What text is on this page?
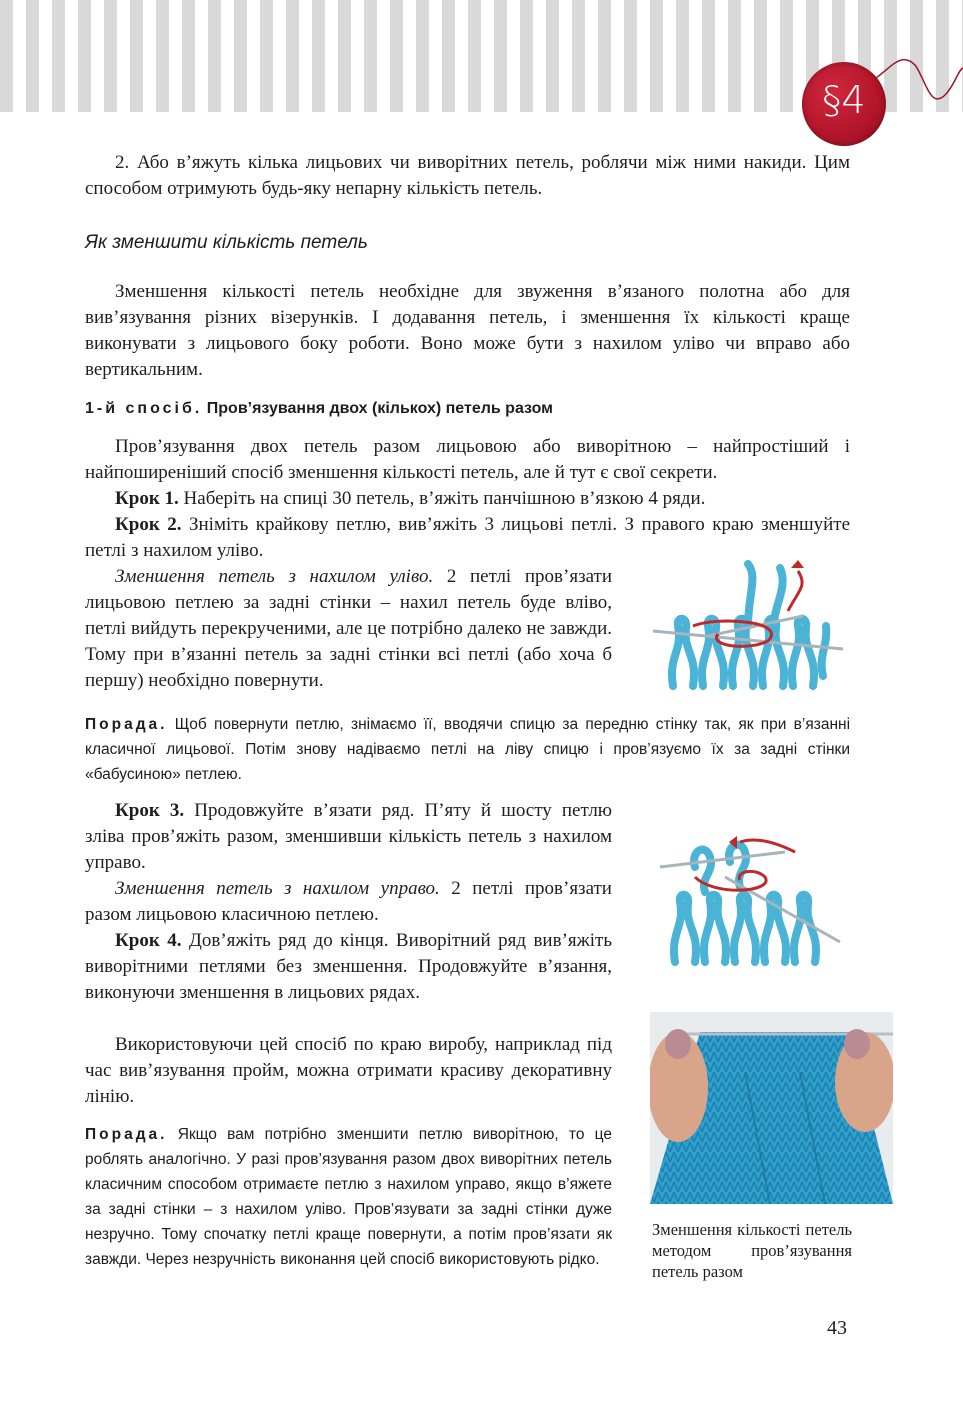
§4
2. Або в’яжуть кілька лицьових чи виворітних петель, роблячи між ними накиди. Цим способом отримують будь-яку непарну кількість петель.
Як зменшити кількість петель
Зменшення кількості петель необхідне для звуження в’язаного полотна або для вив’язування різних візерунків. І додавання петель, і зменшення їх кількості краще виконувати з лицьового боку роботи. Воно може бути з нахилом уліво чи вправо або вертикальним.
1-й спосіб. Пров’язування двох (кількох) петель разом
Пров’язування двох петель разом лицьовою або виворітною – найпростіший і найпоширеніший спосіб зменшення кількості петель, але й тут є свої секрети.
Крок 1. Наберіть на спиці 30 петель, в’яжіть панчішною в’язкою 4 ряди.
Крок 2. Зніміть крайкову петлю, вив’яжіть 3 лицьові петлі. З правого краю зменшуйте петлі з нахилом уліво.
Зменшення петель з нахилом уліво. 2 петлі пров’язати лицьовою петлею за задні стінки – нахил петель буде вліво, петлі вийдуть перекрученими, але це потрібно далеко не завжди. Тому при в’язанні петель за задні стінки всі петлі (або хоча б першу) необхідно повернути.
Порада. Щоб повернути петлю, знімаємо її, вводячи спицю за передню стінку так, як при в’язанні класичної лицьової. Потім знову надіваємо петлі на ліву спицю і пров’язуємо їх за задні стінки «бабусиною» петлею.
Крок 3. Продовжуйте в’язати ряд. П’яту й шосту петлю зліва пров’яжіть разом, зменшивши кількість петель з нахилом управо.
Зменшення петель з нахилом управо. 2 петлі пров’язати разом лицьовою класичною петлею.
Крок 4. Дов’яжіть ряд до кінця. Виворітний ряд вив’яжіть виворітними петлями без зменшення. Продовжуйте в’язання, виконуючи зменшення в лицьових рядах.
Використовуючи цей спосіб по краю виробу, наприклад під час вив’язування пройм, можна отримати красиву декоративну лінію.
Порада. Якщо вам потрібно зменшити петлю виворітною, то це роблять аналогічно. У разі пров’язування разом двох виворітних петель класичним способом отримаєте петлю з нахилом управо, якщо в’яжете за задні стінки – з нахилом уліво. Пров’язувати за задні стінки дуже незручно. Тому спочатку петлі краще повернути, а потім пров’язати як завжди. Через незручність виконання цей спосіб використовують рідко.
Зменшення кількості петель методом пров’язування петель разом
43
